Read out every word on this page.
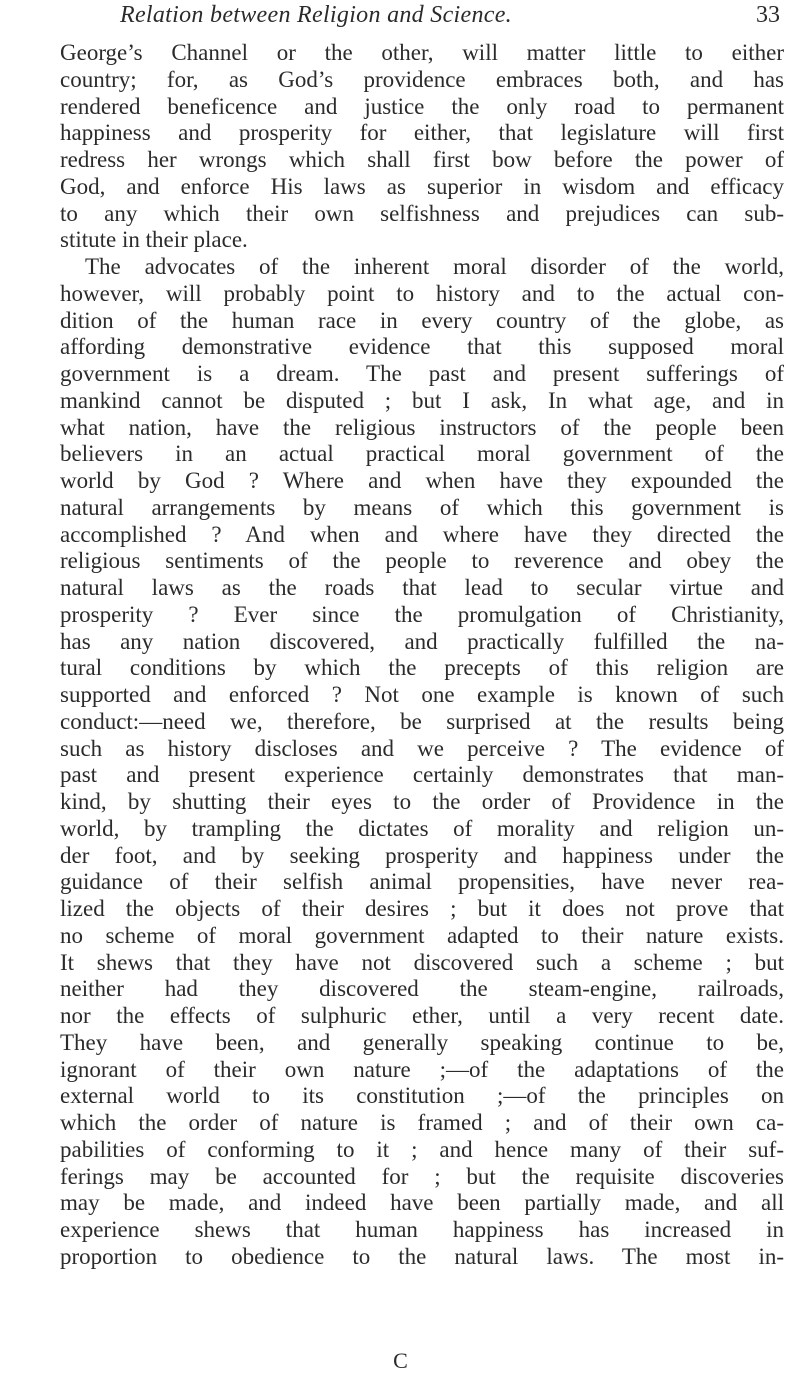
Relation between Religion and Science.	33
George’s Channel or the other, will matter little to either
country; for, as God’s providence embraces both, and has
rendered beneficence and justice the only road to permanent
happiness and prosperity for either, that legislature will first
redress her wrongs which shall first bow before the power of
God, and enforce His laws as superior in wisdom and efficacy
to any which their own selfishness and prejudices can sub-
stitute in their place.
The advocates of the inherent moral disorder of the world,
however, will probably point to history and to the actual con-
dition of the human race in every country of the globe, as
affording demonstrative evidence that this supposed moral
government is a dream. The past and present sufferings of
mankind cannot be disputed ; but I ask, In what age, and in
what nation, have the religious instructors of the people been
believers in an actual practical moral government of the
world by God ? Where and when have they expounded the
natural arrangements by means of which this government is
accomplished ? And when and where have they directed the
religious sentiments of the people to reverence and obey the
natural laws as the roads that lead to secular virtue and
prosperity ? Ever since the promulgation of Christianity,
has any nation discovered, and practically fulfilled the na-
tural conditions by which the precepts of this religion are
supported and enforced ? Not one example is known of such
conduct:—need we, therefore, be surprised at the results being
such as history discloses and we perceive ? The evidence of
past and present experience certainly demonstrates that man-
kind, by shutting their eyes to the order of Providence in the
world, by trampling the dictates of morality and religion un-
der foot, and by seeking prosperity and happiness under the
guidance of their selfish animal propensities, have never rea-
lized the objects of their desires ; but it does not prove that
no scheme of moral government adapted to their nature exists.
It shews that they have not discovered such a scheme ; but
neither had they discovered the steam-engine, railroads,
nor the effects of sulphuric ether, until a very recent date.
They have been, and generally speaking continue to be,
ignorant of their own nature ;—of the adaptations of the
external world to its constitution ;—of the principles on
which the order of nature is framed ; and of their own ca-
pabilities of conforming to it ; and hence many of their suf-
ferings may be accounted for ; but the requisite discoveries
may be made, and indeed have been partially made, and all
experience shews that human happiness has increased in
proportion to obedience to the natural laws. The most in-
C
